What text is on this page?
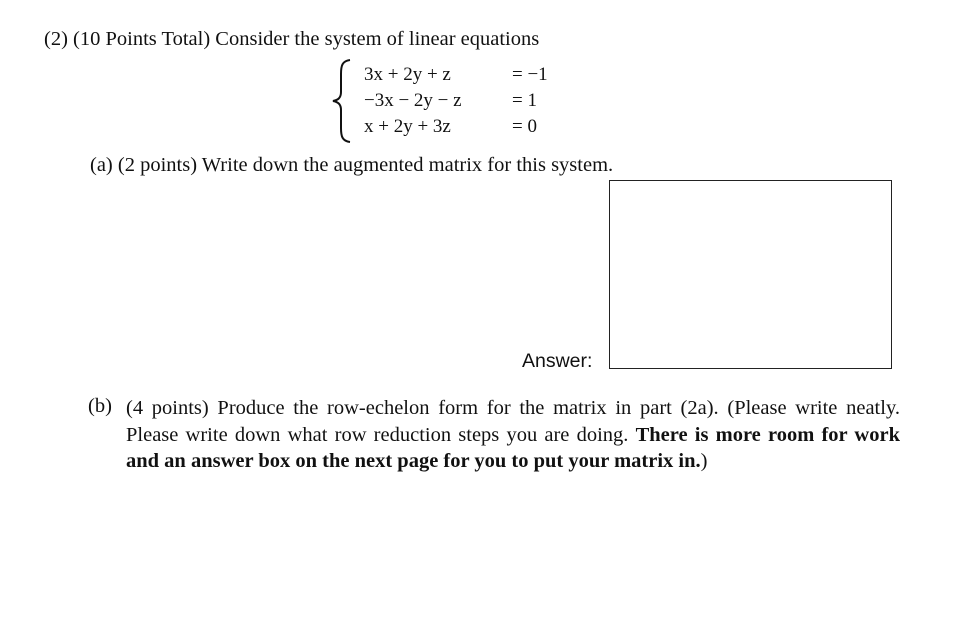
(2) (10 Points Total) Consider the system of linear equations
3x + 2y + z	= −1
−3x − 2y − z	= 1
x + 2y + 3z	= 0
(a) (2 points) Write down the augmented matrix for this system.
Answer:
(b) (4 points) Produce the row-echelon form for the matrix in part (2a). (Please write neatly. Please write down what row reduction steps you are doing. There is more room for work and an answer box on the next page for you to put your matrix in.)
